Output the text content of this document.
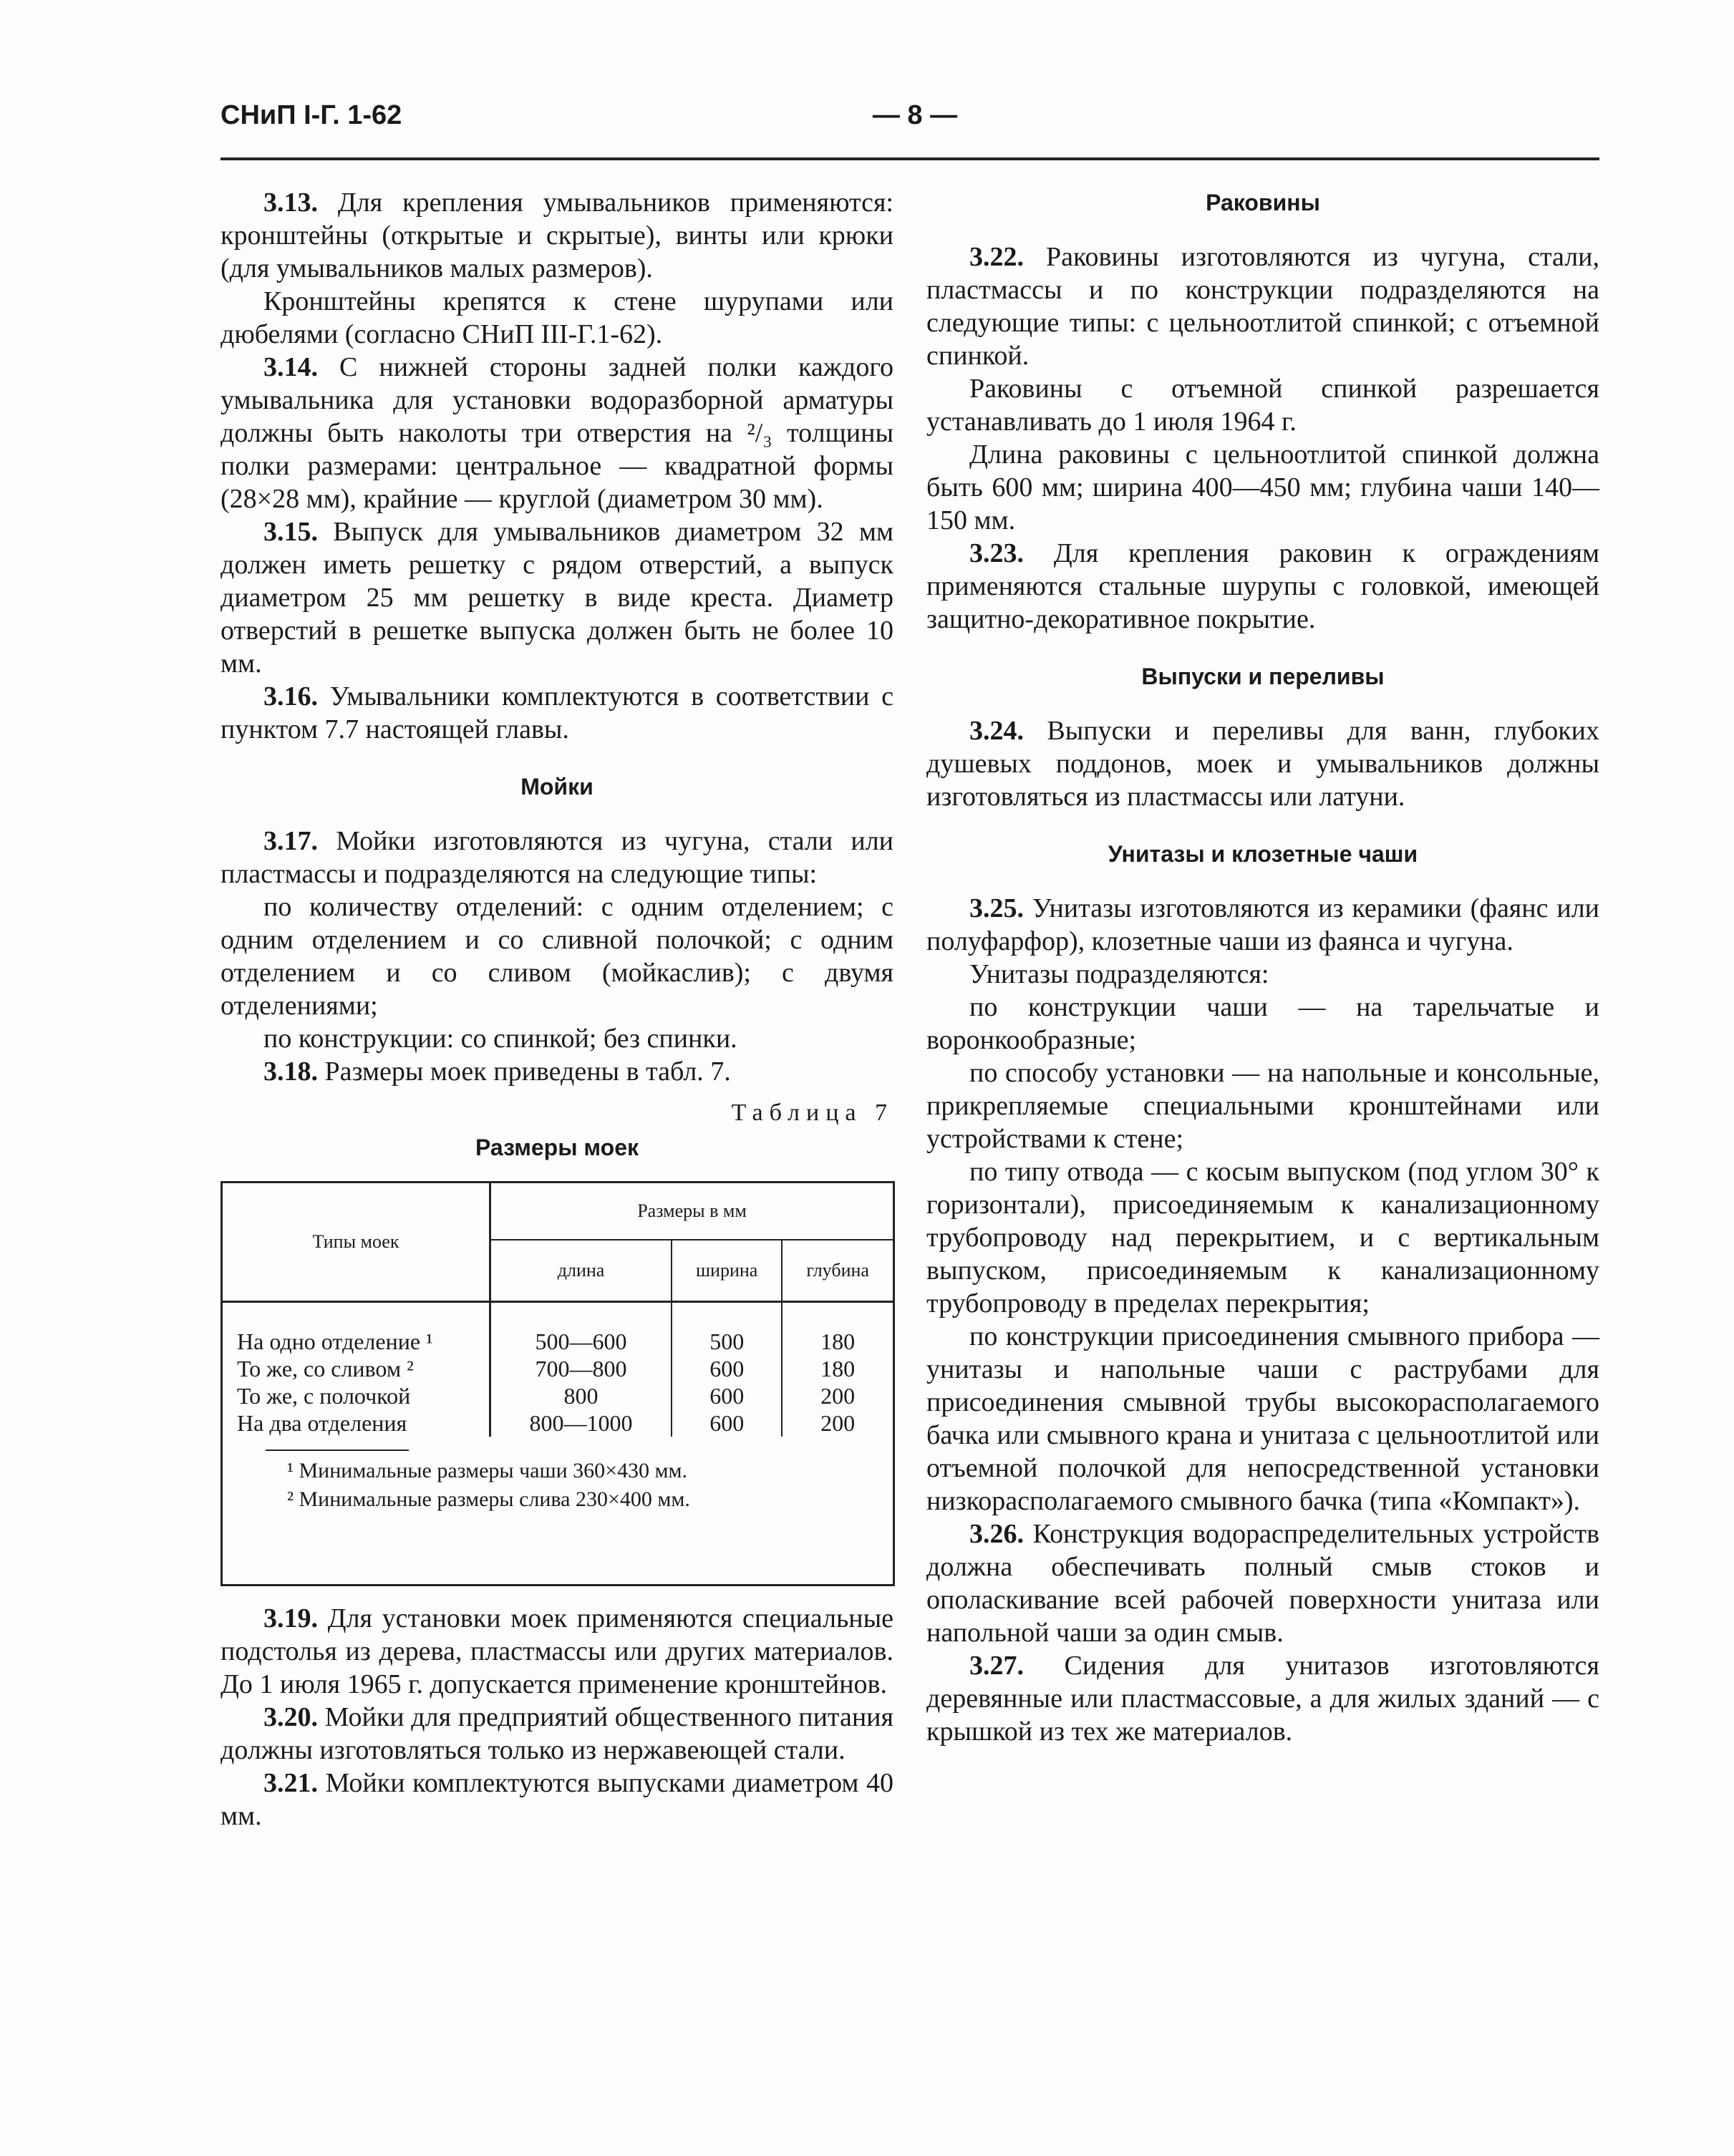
СНиП I-Г. 1-62	— 8 —

3.13. Для крепления умывальников применяются: кронштейны (открытые и скрытые), винты или крюки (для умывальников малых размеров).

Кронштейны крепятся к стене шурупами или дюбелями (согласно СНиП III-Г.1-62).

3.14. С нижней стороны задней полки каждого умывальника для установки водоразборной арматуры должны быть наколоты три отверстия на ²/₃ толщины полки размерами: центральное — квадратной формы (28×28 мм), крайние — круглой (диаметром 30 мм).

3.15. Выпуск для умывальников диаметром 32 мм должен иметь решетку с рядом отверстий, а выпуск диаметром 25 мм решетку в виде креста. Диаметр отверстий в решетке выпуска должен быть не более 10 мм.

3.16. Умывальники комплектуются в соответствии с пунктом 7.7 настоящей главы.

Мойки

3.17. Мойки изготовляются из чугуна, стали или пластмассы и подразделяются на следующие типы:

по количеству отделений: с одним отделением; с одним отделением и со сливной полочкой; с одним отделением и со сливом (мойкаслив); с двумя отделениями;

по конструкции: со спинкой; без спинки.

3.18. Размеры моек приведены в табл. 7.

Таблица 7
Размеры моек
Типы моек	Размеры в мм		
	длина	ширина	глубина

На одно отделение ¹	500—600	500	180
То же, со сливом ²	700—800	600	180
То же, с полочкой	800	600	200
На два отделения	800—1000	600	200
¹ Минимальные размеры чаши 360×430 мм.
² Минимальные размеры слива 230×400 мм.

3.19. Для установки моек применяются специальные подстолья из дерева, пластмассы или других материалов. До 1 июля 1965 г. допускается применение кронштейнов.

3.20. Мойки для предприятий общественного питания должны изготовляться только из нержавеющей стали.

3.21. Мойки комплектуются выпусками диаметром 40 мм.

Раковины

3.22. Раковины изготовляются из чугуна, стали, пластмассы и по конструкции подразделяются на следующие типы: с цельноотлитой спинкой; с отъемной спинкой.

Раковины с отъемной спинкой разрешается устанавливать до 1 июля 1964 г.

Длина раковины с цельноотлитой спинкой должна быть 600 мм; ширина 400—450 мм; глубина чаши 140—150 мм.

3.23. Для крепления раковин к ограждениям применяются стальные шурупы с головкой, имеющей защитно-декоративное покрытие.

Выпуски и переливы

3.24. Выпуски и переливы для ванн, глубоких душевых поддонов, моек и умывальников должны изготовляться из пластмассы или латуни.

Унитазы и клозетные чаши

3.25. Унитазы изготовляются из керамики (фаянс или полуфарфор), клозетные чаши из фаянса и чугуна.

Унитазы подразделяются:

по конструкции чаши — на тарельчатые и воронкообразные;

по способу установки — на напольные и консольные, прикрепляемые специальными кронштейнами или устройствами к стене;

по типу отвода — с косым выпуском (под углом 30° к горизонтали), присоединяемым к канализационному трубопроводу над перекрытием, и с вертикальным выпуском, присоединяемым к канализационному трубопроводу в пределах перекрытия;

по конструкции присоединения смывного прибора — унитазы и напольные чаши с раструбами для присоединения смывной трубы высокорасполагаемого бачка или смывного крана и унитаза с цельноотлитой или отъемной полочкой для непосредственной установки низкорасполагаемого смывного бачка (типа «Компакт»).

3.26. Конструкция водораспределительных устройств должна обеспечивать полный смыв стоков и ополаскивание всей рабочей поверхности унитаза или напольной чаши за один смыв.

3.27. Сидения для унитазов изготовляются деревянные или пластмассовые, а для жилых зданий — с крышкой из тех же материалов.
